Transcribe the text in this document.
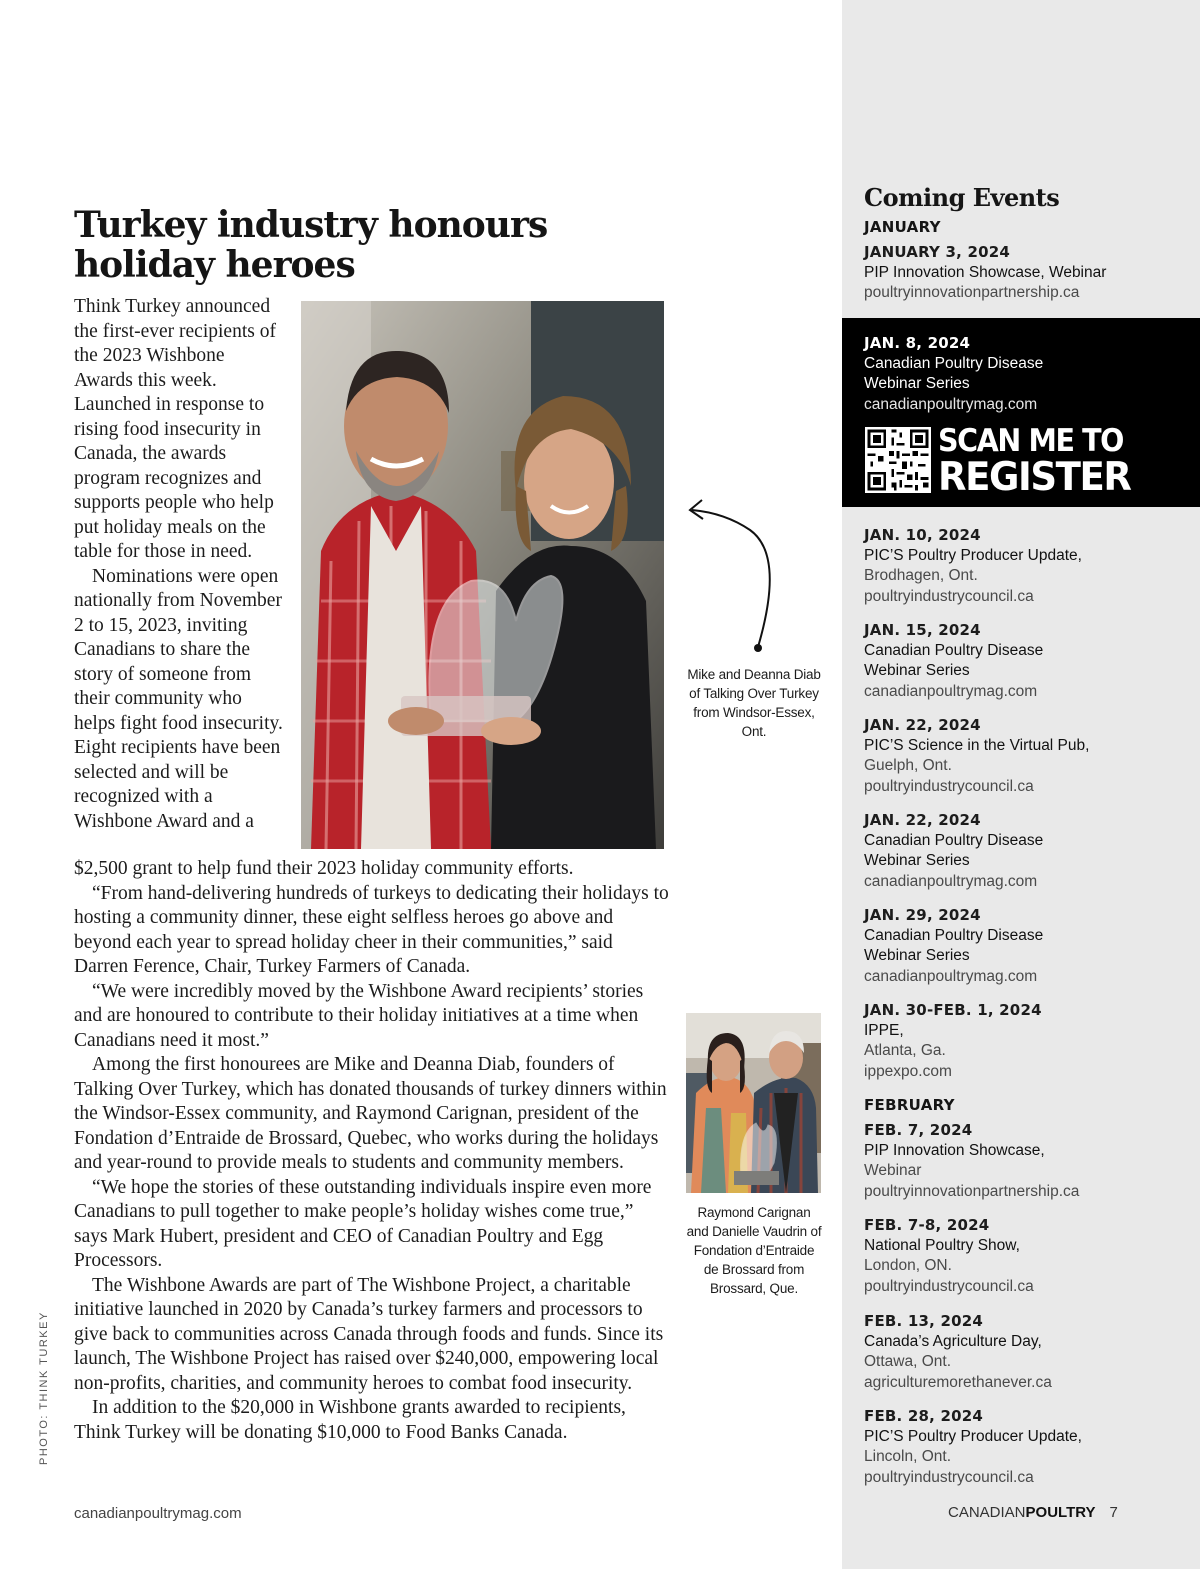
Turkey industry honours
holiday heroes

Think Turkey announced the first-ever recipients of the 2023 Wishbone Awards this week. Launched in response to rising food insecurity in Canada, the awards program recognizes and supports people who help put holiday meals on the table for those in need.

Nominations were open nationally from November 2 to 15, 2023, inviting Canadians to share the story of someone from their community who helps fight food insecurity. Eight recipients have been selected and will be recognized with a Wishbone Award and a

Mike and Deanna Diab of Talking Over Turkey from Windsor-Essex, Ont.

$2,500 grant to help fund their 2023 holiday community efforts.

“From hand-delivering hundreds of turkeys to dedicating their holidays to hosting a community dinner, these eight selfless heroes go above and beyond each year to spread holiday cheer in their communities,” said Darren Ference, Chair, Turkey Farmers of Canada.

“We were incredibly moved by the Wishbone Award recipients’ stories and are honoured to contribute to their holiday initiatives at a time when Canadians need it most.”

Among the first honourees are Mike and Deanna Diab, founders of Talking Over Turkey, which has donated thousands of turkey dinners within the Windsor-Essex community, and Raymond Carignan, president of the Fondation d’Entraide de Brossard, Quebec, who works during the holidays and year-round to provide meals to students and community members.

“We hope the stories of these outstanding individuals inspire even more Canadians to pull together to make people’s holiday wishes come true,” says Mark Hubert, president and CEO of Canadian Poultry and Egg Processors.

The Wishbone Awards are part of The Wishbone Project, a charitable initiative launched in 2020 by Canada’s turkey farmers and processors to give back to communities across Canada through foods and funds. Since its launch, The Wishbone Project has raised over $240,000, empowering local non-profits, charities, and community heroes to combat food insecurity.

In addition to the $20,000 in Wishbone grants awarded to recipients, Think Turkey will be donating $10,000 to Food Banks Canada.

Raymond Carignan and Danielle Vaudrin of Fondation d’Entraide de Brossard from Brossard, Que.
PHOTO: THINK TURKEY
canadianpoultrymag.com
Coming Events
JANUARY
JANUARY 3, 2024
PIP Innovation Showcase, Webinar
poultryinnovationpartnership.ca
JAN. 8, 2024
Canadian Poultry Disease
Webinar Series
canadianpoultrymag.com
SCAN ME TO
REGISTER
JAN. 10, 2024
PIC’S Poultry Producer Update,
Brodhagen, Ont.
poultryindustrycouncil.ca
JAN. 15, 2024
Canadian Poultry Disease
Webinar Series
canadianpoultrymag.com
JAN. 22, 2024
PIC’S Science in the Virtual Pub,
Guelph, Ont.
poultryindustrycouncil.ca
JAN. 22, 2024
Canadian Poultry Disease
Webinar Series
canadianpoultrymag.com
JAN. 29, 2024
Canadian Poultry Disease
Webinar Series
canadianpoultrymag.com
JAN. 30-FEB. 1, 2024
IPPE,
Atlanta, Ga.
ippexpo.com
FEBRUARY
FEB. 7, 2024
PIP Innovation Showcase,
Webinar
poultryinnovationpartnership.ca
FEB. 7-8, 2024
National Poultry Show,
London, ON.
poultryindustrycouncil.ca
FEB. 13, 2024
Canada’s Agriculture Day,
Ottawa, Ont.
agriculturemorethanever.ca
FEB. 28, 2024
PIC’S Poultry Producer Update,
Lincoln, Ont.
poultryindustrycouncil.ca
CANADIANPOULTRY 7
